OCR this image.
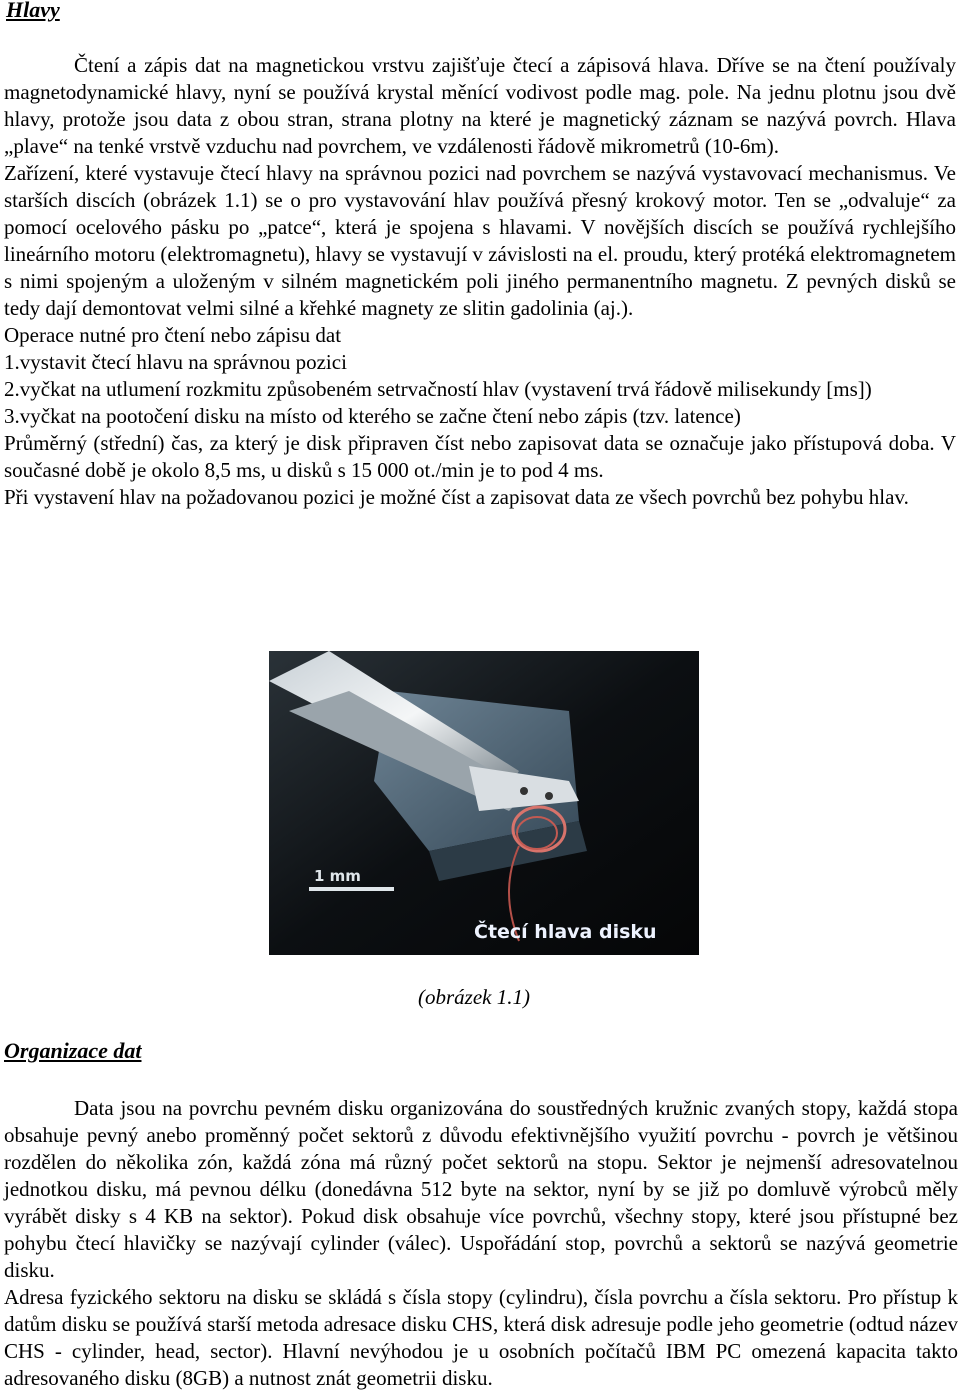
Hlavy

Čtení a zápis dat na magnetickou vrstvu zajišťuje čtecí a zápisová hlava. Dříve se na čtení používaly magnetodynamické hlavy, nyní se používá krystal měnící vodivost podle mag. pole. Na jednu plotnu jsou dvě hlavy, protože jsou data z obou stran, strana plotny na které je magnetický záznam se nazývá povrch. Hlava „plave“ na tenké vrstvě vzduchu nad povrchem, ve vzdálenosti řádově mikrometrů (10-6m).

Zařízení, které vystavuje čtecí hlavy na správnou pozici nad povrchem se nazývá vystavovací mechanismus. Ve starších discích (obrázek 1.1) se o pro vystavování hlav používá přesný krokový motor. Ten se „odvaluje“ za pomocí ocelového pásku po „patce“, která je spojena s hlavami. V novějších discích se používá rychlejšího lineárního motoru (elektromagnetu), hlavy se vystavují v závislosti na el. proudu, který protéká elektromagnetem s nimi spojeným a uloženým v silném magnetickém poli jiného permanentního magnetu. Z pevných disků se tedy dají demontovat velmi silné a křehké magnety ze slitin gadolinia (aj.).

Operace nutné pro čtení nebo zápisu dat

1.vystavit čtecí hlavu na správnou pozici

2.vyčkat na utlumení rozkmitu způsobeném setrvačností hlav (vystavení trvá řádově milisekundy [ms])

3.vyčkat na pootočení disku na místo od kterého se začne čtení nebo zápis (tzv. latence)

Průměrný (střední) čas, za který je disk připraven číst nebo zapisovat data se označuje jako přístupová doba. V současné době je okolo 8,5 ms, u disků s 15 000 ot./min je to pod 4 ms.

Při vystavení hlav na požadovanou pozici je možné číst a zapisovat data ze všech povrchů bez pohybu hlav.

1 mm
Čtecí hlava disku
(obrázek 1.1)
Organizace dat

Data jsou na povrchu pevném disku organizována do soustředných kružnic zvaných stopy, každá stopa obsahuje pevný anebo proměnný počet sektorů z důvodu efektivnějšího využití povrchu - povrch je většinou rozdělen do několika zón, každá zóna má různý počet sektorů na stopu. Sektor je nejmenší adresovatelnou jednotkou disku, má pevnou délku (donedávna 512 byte na sektor, nyní by se již po domluvě výrobců měly vyrábět disky s 4 KB na sektor). Pokud disk obsahuje více povrchů, všechny stopy, které jsou přístupné bez pohybu čtecí hlavičky se nazývají cylinder (válec). Uspořádání stop, povrchů a sektorů se nazývá geometrie disku.

Adresa fyzického sektoru na disku se skládá s čísla stopy (cylindru), čísla povrchu a čísla sektoru. Pro přístup k datům disku se používá starší metoda adresace disku CHS, která disk adresuje podle jeho geometrie (odtud název CHS - cylinder, head, sector). Hlavní nevýhodou je u osobních počítačů IBM PC omezená kapacita takto adresovaného disku (8GB) a nutnost znát geometrii disku.
